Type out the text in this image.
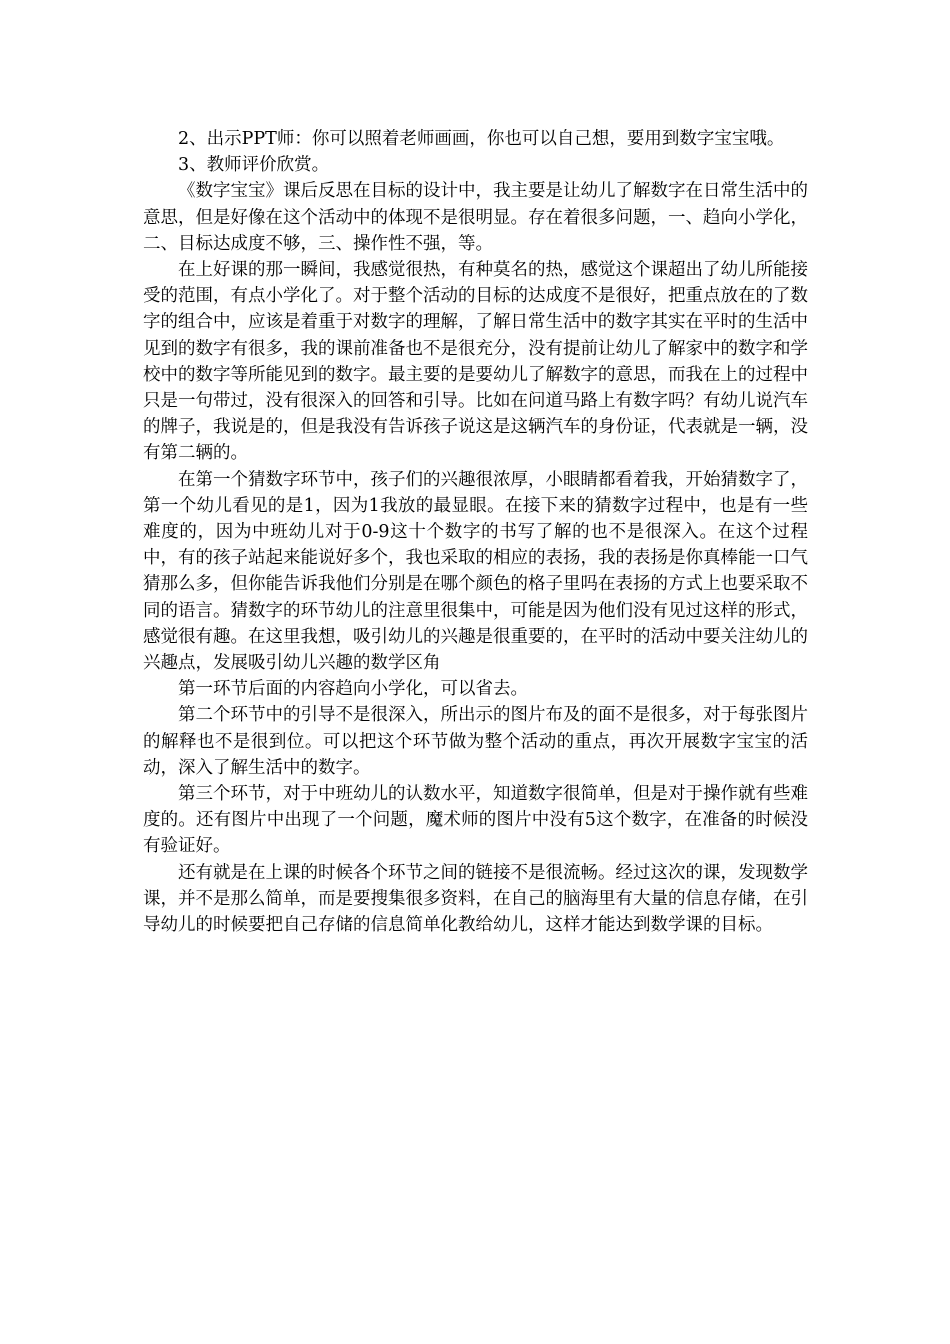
2、出示PPT师：你可以照着老师画画，你也可以自己想，要用到数字宝宝哦。

3、教师评价欣赏。

《数字宝宝》课后反思在目标的设计中，我主要是让幼儿了解数字在日常生活中的意思，但是好像在这个活动中的体现不是很明显。存在着很多问题，一、趋向小学化，二、目标达成度不够，三、操作性不强，等。

在上好课的那一瞬间，我感觉很热，有种莫名的热，感觉这个课超出了幼儿所能接受的范围，有点小学化了。对于整个活动的目标的达成度不是很好，把重点放在的了数字的组合中，应该是着重于对数字的理解，了解日常生活中的数字其实在平时的生活中见到的数字有很多，我的课前准备也不是很充分，没有提前让幼儿了解家中的数字和学校中的数字等所能见到的数字。最主要的是要幼儿了解数字的意思，而我在上的过程中只是一句带过，没有很深入的回答和引导。比如在问道马路上有数字吗？有幼儿说汽车的牌子，我说是的，但是我没有告诉孩子说这是这辆汽车的身份证，代表就是一辆，没有第二辆的。

在第一个猜数字环节中，孩子们的兴趣很浓厚，小眼睛都看着我，开始猜数字了，第一个幼儿看见的是1，因为1我放的最显眼。在接下来的猜数字过程中，也是有一些难度的，因为中班幼儿对于0-9这十个数字的书写了解的也不是很深入。在这个过程中，有的孩子站起来能说好多个，我也采取的相应的表扬，我的表扬是你真棒能一口气猜那么多，但你能告诉我他们分别是在哪个颜色的格子里吗在表扬的方式上也要采取不同的语言。猜数字的环节幼儿的注意里很集中，可能是因为他们没有见过这样的形式，感觉很有趣。在这里我想，吸引幼儿的兴趣是很重要的，在平时的活动中要关注幼儿的兴趣点，发展吸引幼儿兴趣的数学区角

第一环节后面的内容趋向小学化，可以省去。

第二个环节中的引导不是很深入，所出示的图片布及的面不是很多，对于每张图片的解释也不是很到位。可以把这个环节做为整个活动的重点，再次开展数字宝宝的活动，深入了解生活中的数字。

第三个环节，对于中班幼儿的认数水平，知道数字很简单，但是对于操作就有些难度的。还有图片中出现了一个问题，魔术师的图片中没有5这个数字，在准备的时候没有验证好。

还有就是在上课的时候各个环节之间的链接不是很流畅。经过这次的课，发现数学课，并不是那么简单，而是要搜集很多资料，在自己的脑海里有大量的信息存储，在引导幼儿的时候要把自己存储的信息简单化教给幼儿，这样才能达到数学课的目标。
